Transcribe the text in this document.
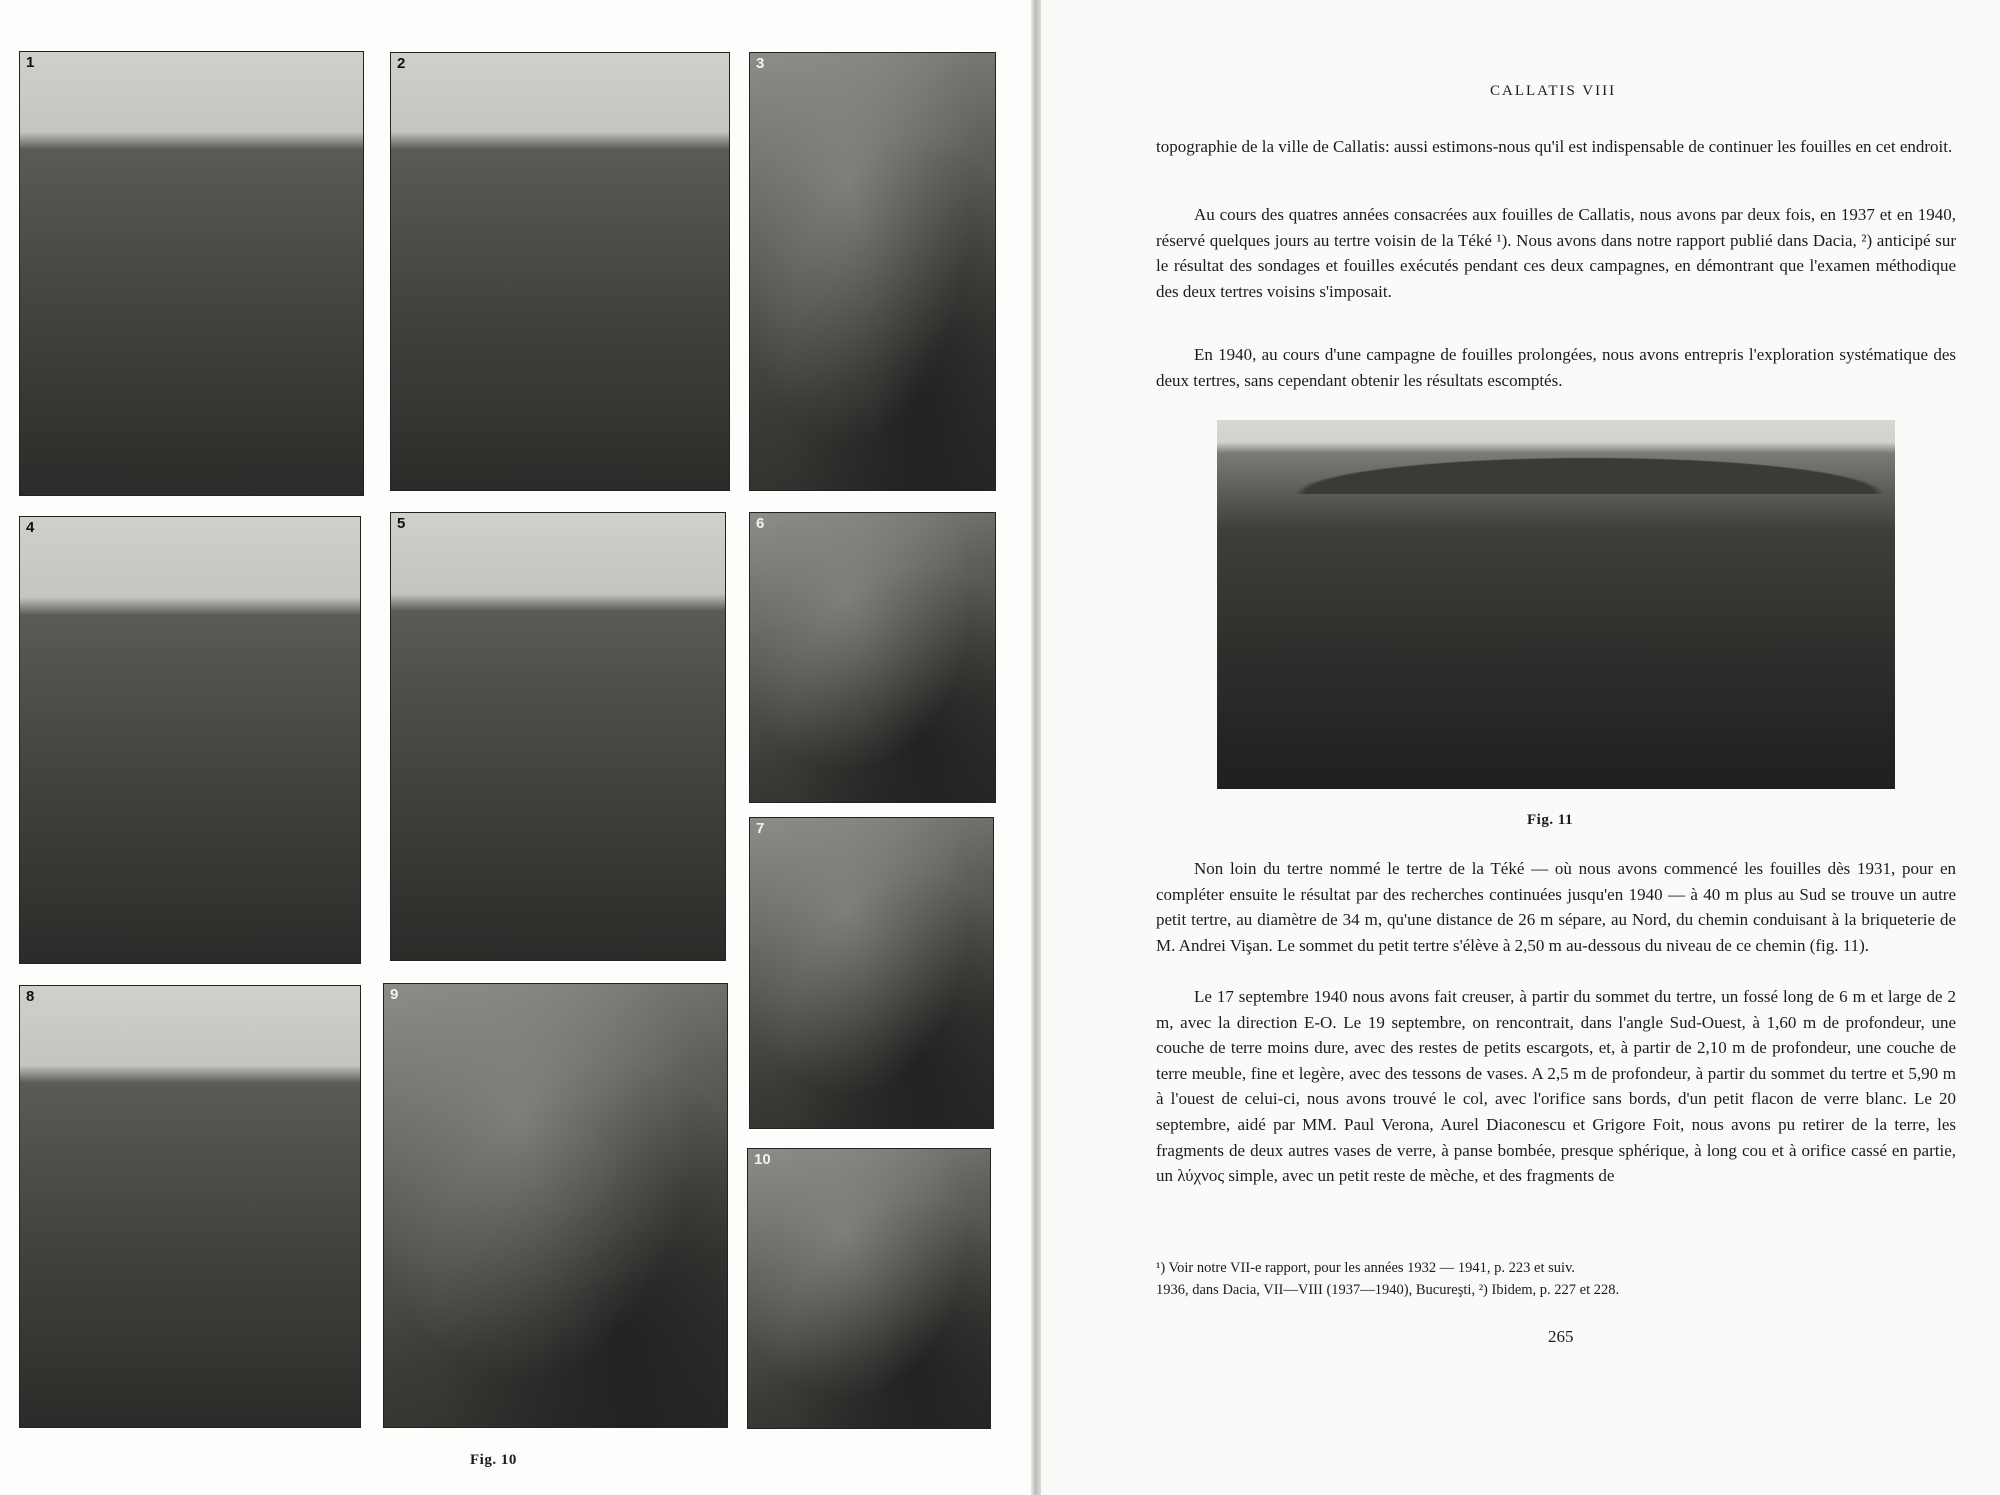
1	2	3
4	5	6
7
8	9
10
Fig. 10
CALLATIS VIII

topographie de la ville de Callatis: aussi estimons-nous qu'il est indispensable de continuer les fouilles en cet endroit.

Au cours des quatres années consacrées aux fouilles de Callatis, nous avons par deux fois, en 1937 et en 1940, réservé quelques jours au tertre voisin de la Téké ¹). Nous avons dans notre rapport publié dans Dacia, ²) anticipé sur le résultat des sondages et fouilles exécutés pendant ces deux campagnes, en démontrant que l'examen méthodique des deux tertres voisins s'imposait.

En 1940, au cours d'une campagne de fouilles prolongées, nous avons entrepris l'exploration systématique des deux tertres, sans cependant obtenir les résultats escomptés.

Fig. 11

Non loin du tertre nommé le tertre de la Téké — où nous avons commencé les fouilles dès 1931, pour en compléter ensuite le résultat par des recherches continuées jusqu'en 1940 — à 40 m plus au Sud se trouve un autre petit tertre, au diamètre de 34 m, qu'une distance de 26 m sépare, au Nord, du chemin conduisant à la briqueterie de M. Andrei Vişan. Le sommet du petit tertre s'élève à 2,50 m au-dessous du niveau de ce chemin (fig. 11).

Le 17 septembre 1940 nous avons fait creuser, à partir du sommet du tertre, un fossé long de 6 m et large de 2 m, avec la direction E-O. Le 19 septembre, on rencontrait, dans l'angle Sud-Ouest, à 1,60 m de profondeur, une couche de terre moins dure, avec des restes de petits escargots, et, à partir de 2,10 m de profondeur, une couche de terre meuble, fine et legère, avec des tessons de vases. A 2,5 m de profondeur, à partir du sommet du tertre et 5,90 m à l'ouest de celui-ci, nous avons trouvé le col, avec l'orifice sans bords, d'un petit flacon de verre blanc. Le 20 septembre, aidé par MM. Paul Verona, Aurel Diaconescu et Grigore Foit, nous avons pu retirer de la terre, les fragments de deux autres vases de verre, à panse bombée, presque sphérique, à long cou et à orifice cassé en partie, un λύχνος simple, avec un petit reste de mèche, et des fragments de

¹) Voir notre VII-e rapport, pour les années 1932 — 1941, p. 223 et suiv.

1936, dans Dacia, VII—VIII (1937—1940), Bucureşti, ²) Ibidem, p. 227 et 228.

265
